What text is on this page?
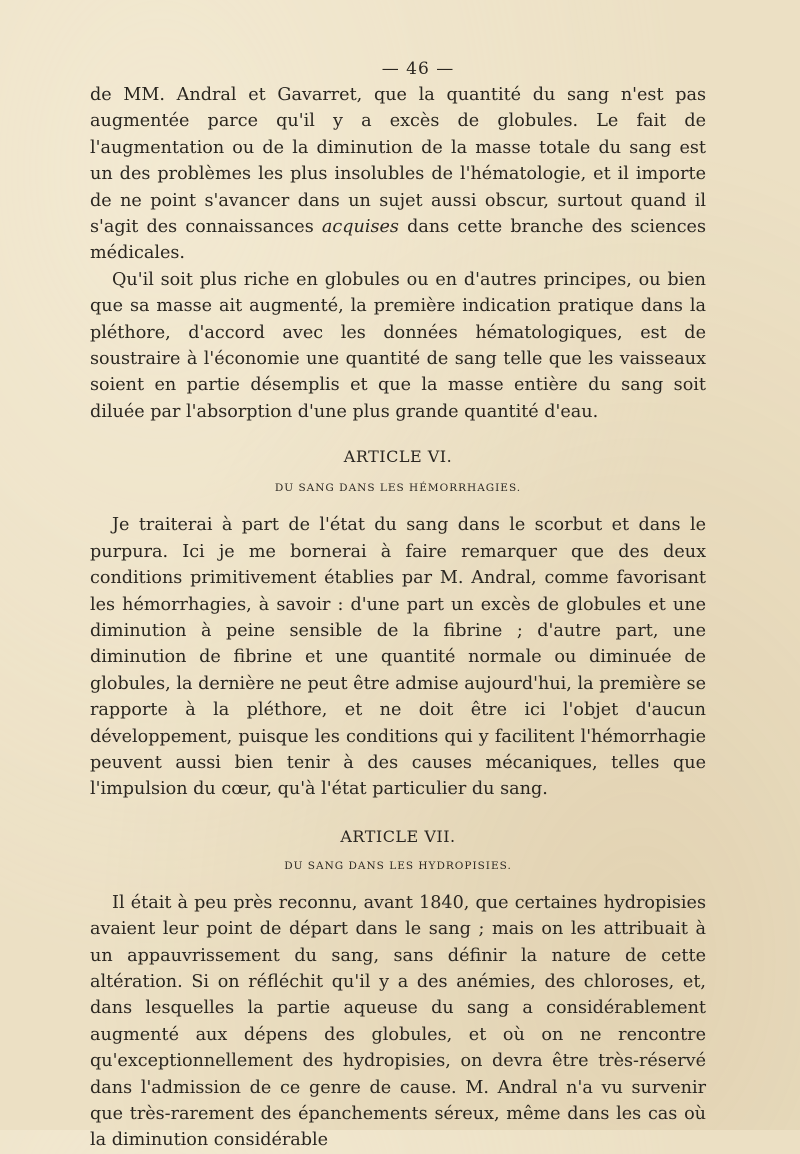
— 46 —

de MM. Andral et Gavarret, que la quantité du sang n'est pas augmentée parce qu'il y a excès de globules. Le fait de l'augmentation ou de la diminution de la masse totale du sang est un des problèmes les plus insolubles de l'hématologie, et il importe de ne point s'avancer dans un sujet aussi obscur, surtout quand il s'agit des connaissances acquises dans cette branche des sciences médicales.

Qu'il soit plus riche en globules ou en d'autres principes, ou bien que sa masse ait augmenté, la première indication pratique dans la pléthore, d'accord avec les données hématologiques, est de soustraire à l'économie une quantité de sang telle que les vaisseaux soient en partie désemplis et que la masse entière du sang soit diluée par l'absorption d'une plus grande quantité d'eau.

ARTICLE VI.
DU SANG DANS LES HÉMORRHAGIES.

Je traiterai à part de l'état du sang dans le scorbut et dans le purpura. Ici je me bornerai à faire remarquer que des deux conditions primitivement établies par M. Andral, comme favorisant les hémorrhagies, à savoir : d'une part un excès de globules et une diminution à peine sensible de la fibrine ; d'autre part, une diminution de fibrine et une quantité normale ou diminuée de globules, la dernière ne peut être admise aujourd'hui, la première se rapporte à la pléthore, et ne doit être ici l'objet d'aucun développement, puisque les conditions qui y facilitent l'hémorrhagie peuvent aussi bien tenir à des causes mécaniques, telles que l'impulsion du cœur, qu'à l'état particulier du sang.

ARTICLE VII.
DU SANG DANS LES HYDROPISIES.

Il était à peu près reconnu, avant 1840, que certaines hydropisies avaient leur point de départ dans le sang ; mais on les attribuait à un appauvrissement du sang, sans définir la nature de cette altération. Si on réfléchit qu'il y a des anémies, des chloroses, et, dans lesquelles la partie aqueuse du sang a considérablement augmenté aux dépens des globules, et où on ne rencontre qu'exceptionnellement des hydropisies, on devra être très-réservé dans l'admission de ce genre de cause. M. Andral n'a vu survenir que très-rarement des épanchements séreux, même dans les cas où la diminution considérable
